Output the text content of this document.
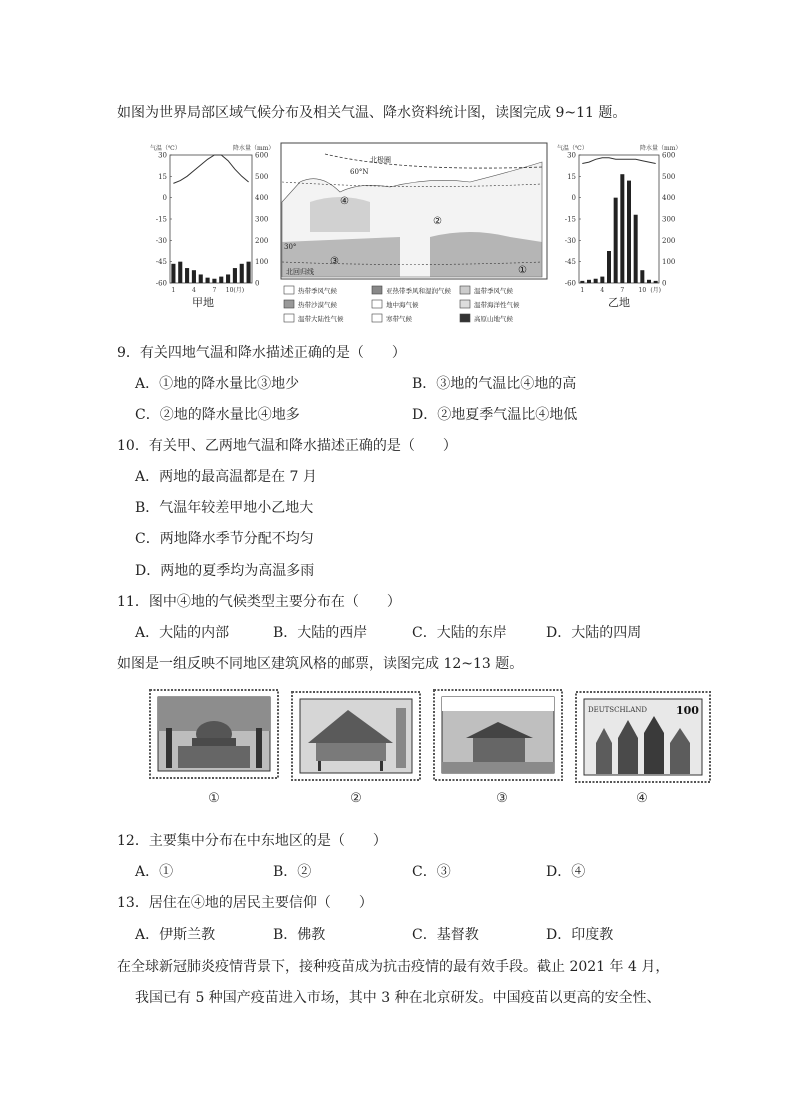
如图为世界局部区域气候分布及相关气温、降水资料统计图，读图完成 9~11 题。
气温（℃）	降水量（mm）
30
15
0
-15
-30
-45
-60
600
500
400
300
200
100
0
1	4	7 10(月)
甲地
北极圈
60°N
30°
北回归线
④
②
③
①
热带季风气候	亚热带季风和湿润气候	温带季风气候
热带沙漠气候	地中海气候	温带海洋性气候
温带大陆性气候	寒带气候	高原山地气候
气温（℃）	降水量（mm）
30
15
0
-15
-30
-45
-60
600
500
400
300
200
100
0
1	4	7 10 (月)
乙地
9．有关四地气温和降水描述正确的是（　　）
A．①地的降水量比③地少	B．③地的气温比④地的高
C．②地的降水量比④地多	D．②地夏季气温比④地低
10．有关甲、乙两地气温和降水描述正确的是（　　）
A．两地的最高温都是在 7 月
B．气温年较差甲地小乙地大
C．两地降水季节分配不均匀
D．两地的夏季均为高温多雨
11．图中④地的气候类型主要分布在（　　）
A．大陆的内部	B．大陆的西岸	C．大陆的东岸	D．大陆的四周
如图是一组反映不同地区建筑风格的邮票，读图完成 12~13 题。
DEUTSCHLAND	100
①	②	③	④
12．主要集中分布在中东地区的是（　　）
A．①	B．②	C．③	D．④
13．居住在④地的居民主要信仰（　　）
A．伊斯兰教	B．佛教	C．基督教	D．印度教
在全球新冠肺炎疫情背景下，接种疫苗成为抗击疫情的最有效手段。截止 2021 年 4 月，
我国已有 5 种国产疫苗进入市场，其中 3 种在北京研发。中国疫苗以更高的安全性、
